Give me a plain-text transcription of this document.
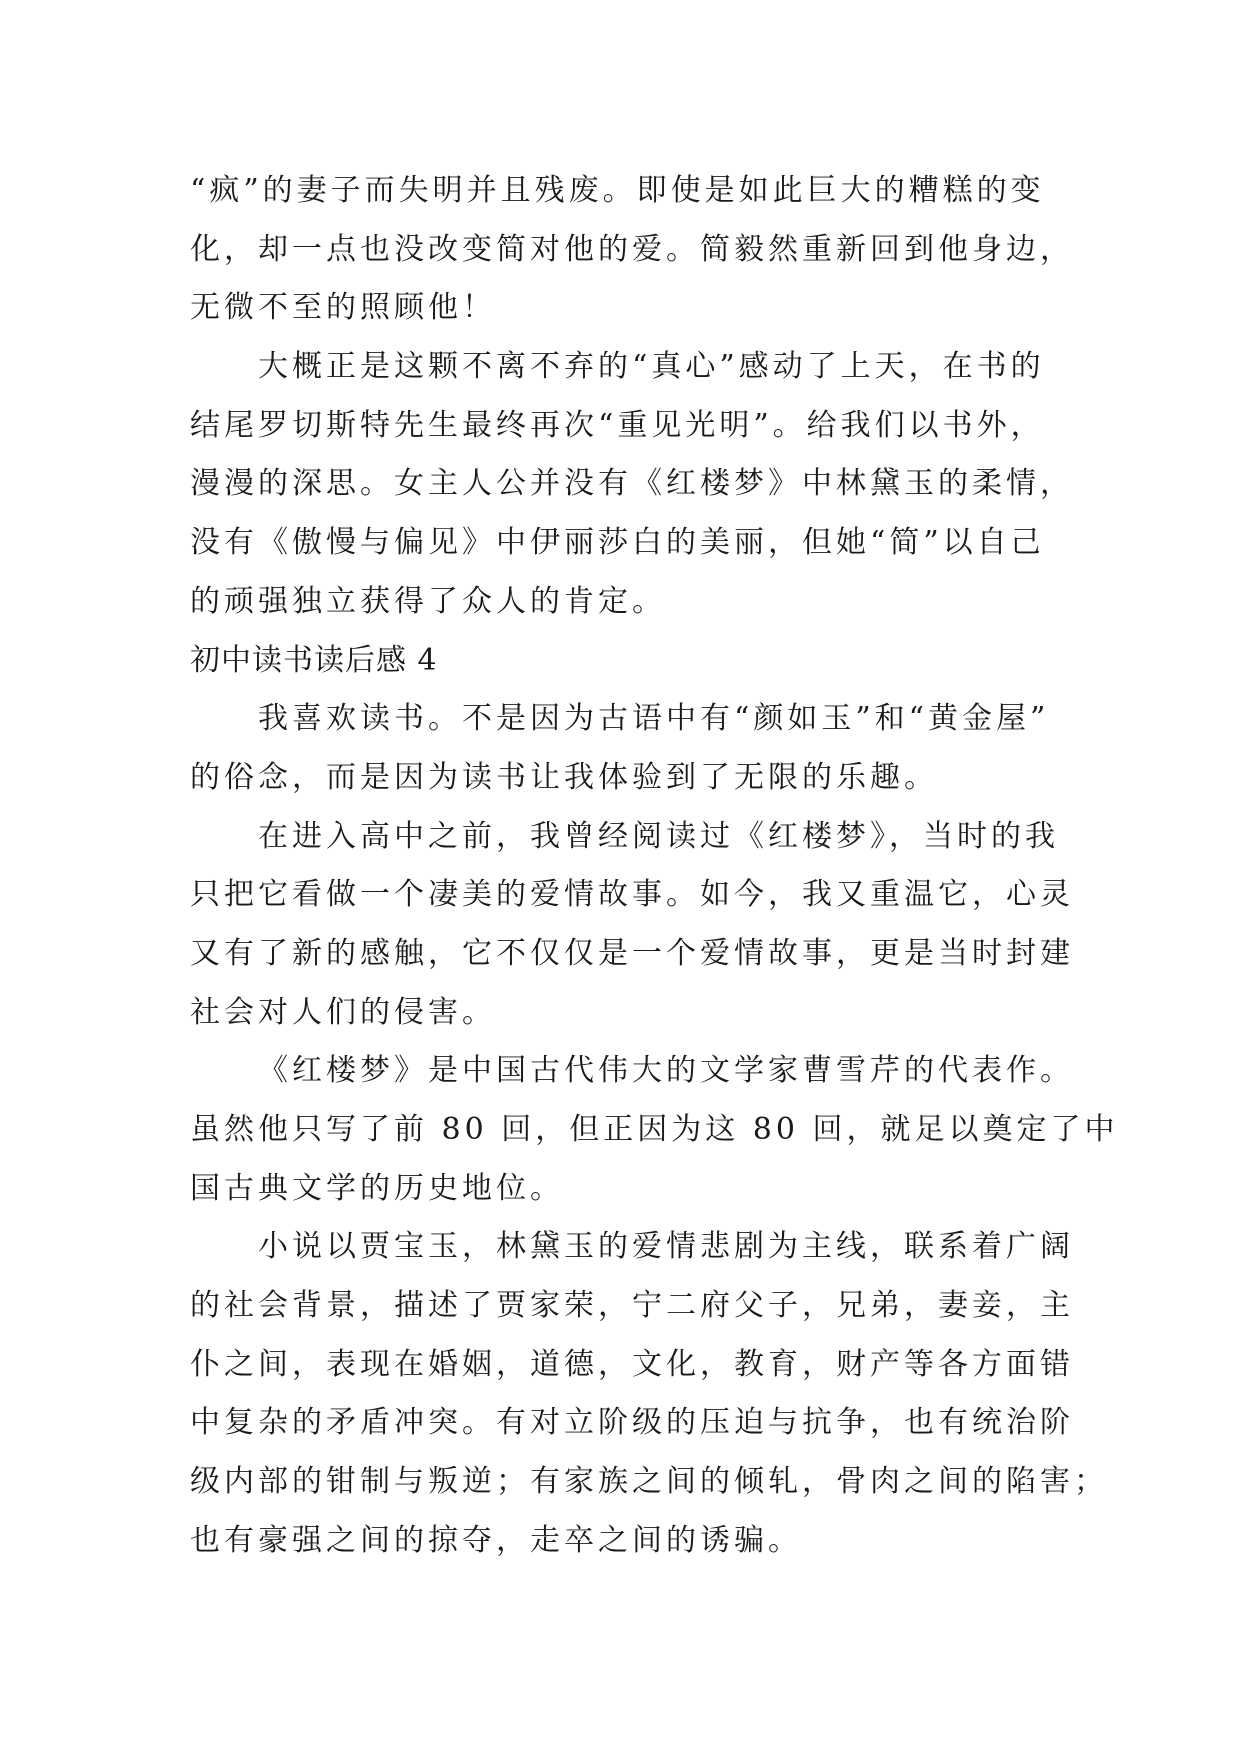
“疯”的妻子而失明并且残废。即使是如此巨大的糟糕的变
化，却一点也没改变简对他的爱。简毅然重新回到他身边，
无微不至的照顾他！
大概正是这颗不离不弃的“真心”感动了上天，在书的
结尾罗切斯特先生最终再次“重见光明”。给我们以书外，
漫漫的深思。女主人公并没有《红楼梦》中林黛玉的柔情，
没有《傲慢与偏见》中伊丽莎白的美丽，但她“简”以自己
的顽强独立获得了众人的肯定。
初中读书读后感 4
我喜欢读书。不是因为古语中有“颜如玉”和“黄金屋”
的俗念，而是因为读书让我体验到了无限的乐趣。
在进入高中之前，我曾经阅读过《红楼梦》，当时的我
只把它看做一个凄美的爱情故事。如今，我又重温它，心灵
又有了新的感触，它不仅仅是一个爱情故事，更是当时封建
社会对人们的侵害。
《红楼梦》是中国古代伟大的文学家曹雪芹的代表作。
虽然他只写了前 80 回，但正因为这 80 回，就足以奠定了中
国古典文学的历史地位。
小说以贾宝玉，林黛玉的爱情悲剧为主线，联系着广阔
的社会背景，描述了贾家荣，宁二府父子，兄弟，妻妾，主
仆之间，表现在婚姻，道德，文化，教育，财产等各方面错
中复杂的矛盾冲突。有对立阶级的压迫与抗争，也有统治阶
级内部的钳制与叛逆；有家族之间的倾轧，骨肉之间的陷害；
也有豪强之间的掠夺，走卒之间的诱骗。
